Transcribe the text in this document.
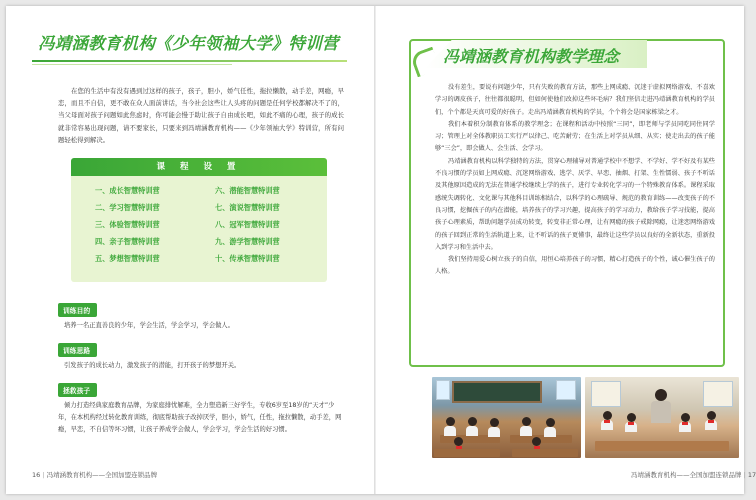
冯靖涵教育机构《少年领袖大学》特训营
在您的生活中有没有遇到过这样的孩子，孩子，胆小，娇气任性，拖拉懒散，动手差，网瘾，早恋，而且不自信，更不敢在众人面前讲话，当今社会这些让人头疼的问题是任何学校都解决不了的，当父母面对孩子问题如此焦虑时，你可能会慢于助让孩子自由成长吧，如此不痛的心理，孩子的成长就非常容易出现问题，请不要家长，只要来到冯靖涵教育机构——《少年领袖大学》特训营，所有问题轻松得到解决。
课 程 设 置
一、成长智慧特训营
二、学习智慧特训营
三、体验智慧特训营
四、亲子智慧特训营
五、梦想智慧特训营
六、潜能智慧特训营
七、演说智慧特训营
八、冠军智慧特训营
九、游学智慧特训营
十、传承智慧特训营
训练目的
培养一名正直善良的少年，学会生活，学会学习，学会做人。
训练思路
引发孩子的成长动力，激发孩子的潜能，打开孩子的梦想开关。
拯救孩子
倾力打造经典家庭教育品牌，为家庭排忧解难，全力塑造新三好学生，专收6岁至18岁的“天才”少年，在本机构经过转化教育训练，彻底帮助孩子改掉厌学，胆小，娇气，任性，拖拉懒散，动手差，网瘾，早恋，不自信等坏习惯，让孩子养成学会做人，学会学习，学会生活的好习惯。
16 | 冯靖涵教育机构——全国加盟连锁品牌
冯靖涵教育机构教学理念

没有差生，要说有问题少年，只有失败的教育方法，那些上网成瘾、沉迷于虚拟网络游戏、不喜欢学习的调皮孩子，往往都很聪明，但如何使他们改掉这些坏毛病？我们坚信走进冯靖涵教育机构的学员们，个个都是天真可爱的好孩子。走出冯靖涵教育机构的学员，个个将会是国家栋梁之才。

我们本着积分制教育体系的教学理念；在课程和活动中按照“三同”，即老师与学员同吃同住同学习；管理上对全体教职员工实行严以律己、吃苦耐劳；在生活上对学员从细、从实；使走出去的孩子能够“三会”，即会做人、会生活、会学习。

冯靖涵教育机构以科学独特的方法，贯穿心理辅导对普通学校中不想学、不学好、学不好及有某些不良习惯的学员如上网成瘾、沉迷网络游戏、逃学、厌学、早恋、抽烟、打架、生性懦弱、孩子不听话及其他原因造成的无法在普通学校继续上学的孩子，进行专业转化学习的一个特殊教育体系。课程采取感统失调转化、文化课与其他科目训练相结合，以科学的心理疏导、规范的教育训练——改变孩子的不良习惯，挖掘孩子的内在潜能，培养孩子的学习兴趣，提高孩子的学习动力，教给孩子学习技能，提高孩子心理素质，帮助问题学员成功转变，转变非正常心理，让有网瘾的孩子戒除网瘾，让迷恋网络游戏的孩子回到正常的生活轨道上来，让不听话的孩子更懂事，最终让这些学员以良好的全新状态，重新投入到学习和生活中去。

我们坚持用爱心树立孩子的自信，用恒心培养孩子的习惯，精心打造孩子的个性，诚心催生孩子的人格。

冯靖涵教育机构——全国加盟连锁品牌 | 17
